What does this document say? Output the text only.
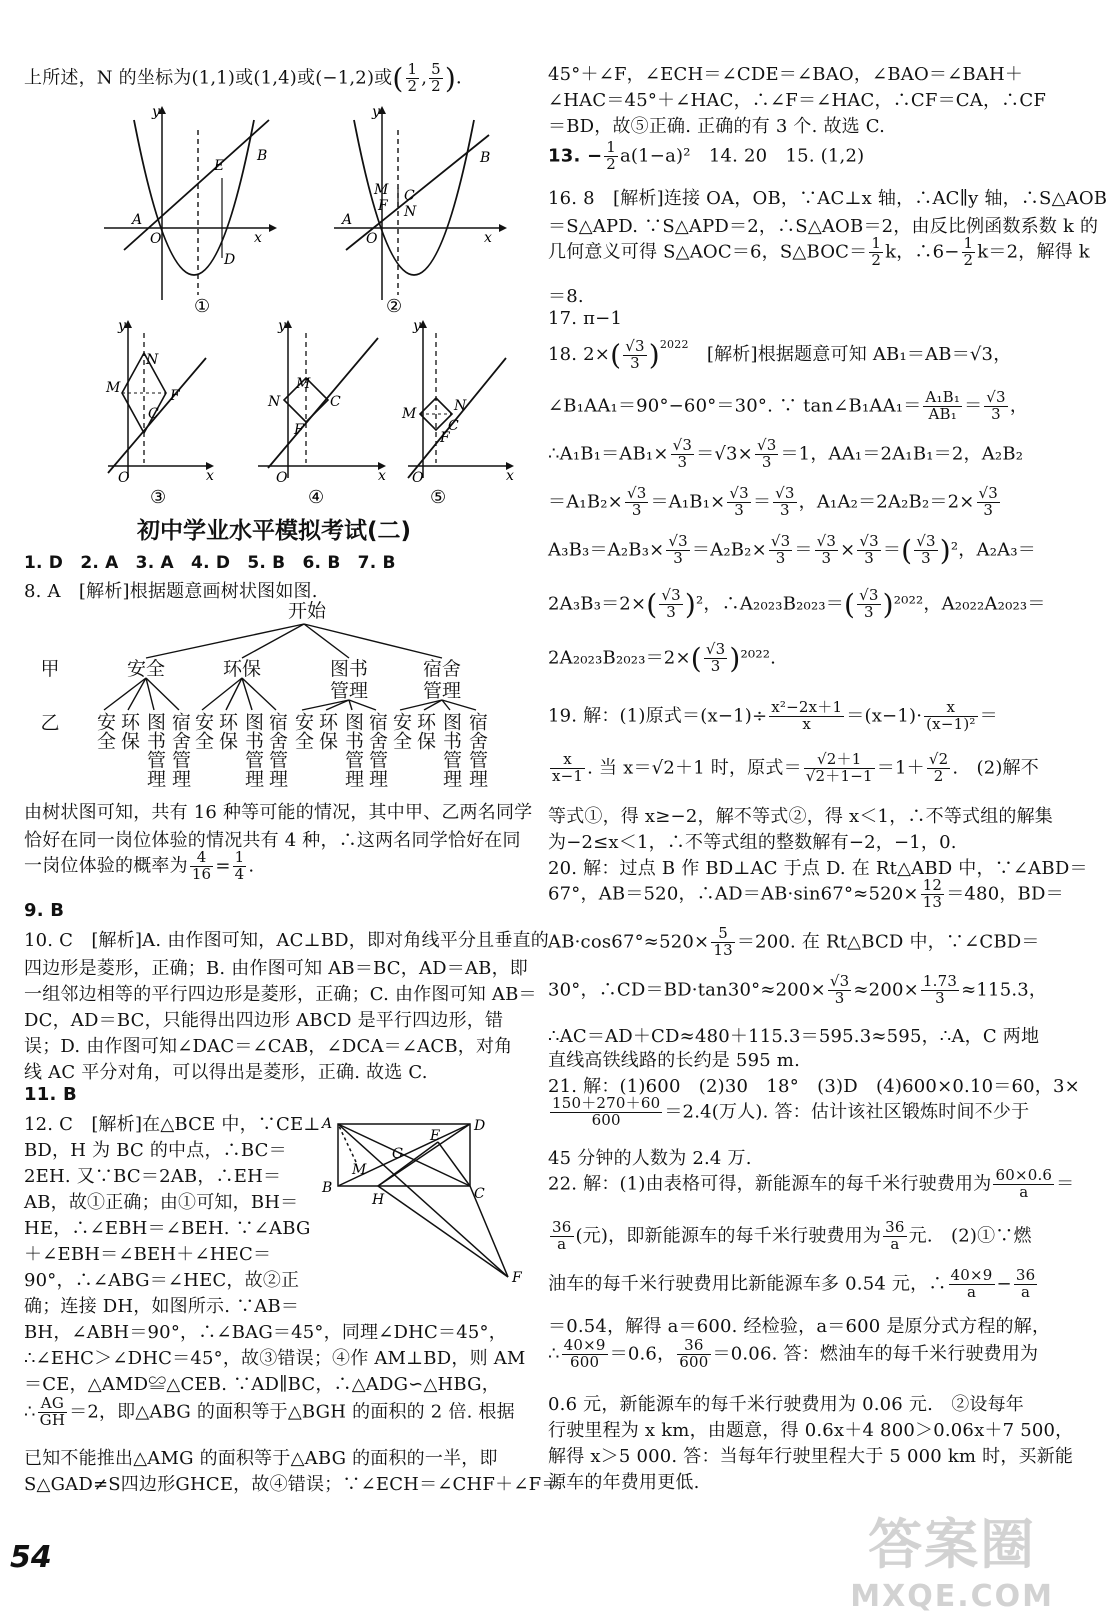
上所述，N 的坐标为(1,1)或(1,4)或(−1,2)或( $\frac{1}{2}$ , $\frac{5}{2}$ )．
y
x
O
A
B
E
D
①
y
x
O
A
B
M C
F N
②
y
x
O
N
M
C
F
y
x
O
M
N	C
F
y
x
O
M	N
F
C
③	④	⑤
初中学业水平模拟考试(二)
1. D　2. A　3. A　4. D　5. B　6. B　7. B
8. A　[解析]根据题意画树状图如图.
开始
甲	安全	环保	图书
管理
宿舍
管理
乙 安全 环保 图书管理 宿舍管理 安全 环保 图书管理 宿舍管理 安全 环保 图书管理 宿舍管理 安全 环保 图书管理 宿舍管理
由树状图可知，共有 16 种等可能的情况，其中甲、乙两名同学
恰好在同一岗位体验的情况共有 4 种，∴这两名同学恰好在同
一岗位体验的概率为 $\frac{4}{16} = \frac{1}{4}$ .
9. B
10. C　[解析]A. 由作图可知，AC⊥BD，即对角线平分且垂直的
四边形是菱形，正确；B. 由作图可知 AB＝BC，AD＝AB，即
一组邻边相等的平行四边形是菱形，正确；C. 由作图可知 AB＝
DC，AD＝BC，只能得出四边形 ABCD 是平行四边形，错
误；D. 由作图可知∠DAC＝∠CAB，∠DCA＝∠ACB，对角
线 AC 平分对角，可以得出是菱形，正确. 故选 C.
11. B
12. C　[解析]在△BCE 中，∵CE⊥
BD，H 为 BC 的中点，∴BC＝
2EH. 又∵BC＝2AB，∴EH＝
AB，故①正确；由①可知，BH＝
HE，∴∠EBH＝∠BEH. ∵∠ABG
＋∠EBH＝∠BEH＋∠HEC＝
90°，∴∠ABG＝∠HEC，故②正
确；连接 DH，如图所示. ∵AB＝
BH，∠ABH＝90°，∴∠BAG＝45°，同理∠DHC＝45°，
∴∠EHC＞∠DHC＝45°，故③错误；④作 AM⊥BD，则 AM
＝CE，△AMD≌△CEB. ∵AD∥BC，∴△ADG∽△HBG，
∴ $\frac{AG}{GH} =2$，即△ABG 的面积等于△BGH 的面积的 2 倍. 根据
已知不能推出△AMG 的面积等于△ABG 的面积的一半，即
S△GAD≠S四边形GHCE，故④错误；∵∠ECH＝∠CHF＋∠F＝
A
B	C
D
E
F
G
H
M
45°＋∠F，∠ECH＝∠CDE＝∠BAO，∠BAO＝∠BAH＋
∠HAC＝45°＋∠HAC，∴∠F＝∠HAC，∴CF＝CA，∴CF
＝BD，故⑤正确. 正确的有 3 个. 故选 C.
13. − $\frac{1}{2} a(1-a)^2$　14. 20　15. (1,2)
16. 8　[解析]连接 OA，OB，∵AC⊥x 轴，∴AC∥y 轴，∴S△AOB
＝S△APD. ∵S△APD＝2，∴S△AOB＝2，由反比例函数系数 k 的
几何意义可得 S△AOC＝6，S△BOC＝ $\frac{1}{2}$ k，∴6− $\frac{1}{2} k=2$，解得 k
＝8.
17. π−1
18. $2\times( \frac{√3}{3} )^{2022}$　[解析]根据题意可知 AB₁＝AB＝√3，
∠B₁AA₁＝90°−60°＝30°. ∵ tan∠B₁AA₁＝ $\frac{\text{A₁B₁}}{\text{AB₁}} = \frac{√3}{3}$ ，
∴A₁B₁＝AB₁× $\frac{√3}{3} =√3\times \frac{√3}{3} =1$，AA₁＝2A₁B₁＝2，A₂B₂
$=A_1B_2\times \frac{√3}{3} =A_1B_1\times \frac{√3}{3} = \frac{√3}{3}$ ，$A_1A_2=2A_2B_2=2\times \frac{√3}{3}$
$A_3B_3=A_2B_3\times \frac{√3}{3} =A_2B_2\times \frac{√3}{3} = \frac{√3}{3} \times \frac{√3}{3}$ ＝( $\frac{√3}{3} )^2$，A₂A₃＝
$2A_3B_3=2\times( \frac{√3}{3} )^2$，∴A₂₀₂₃B₂₀₂₃＝( $\frac{√3}{3} )^{2022}$，A₂₀₂₂A₂₀₂₃＝
$2A_{2023}B_{2023}=2\times( \frac{√3}{3} )^{2022}$.
19. 解：(1)原式$=(x-1)\div \frac{\text{x²−2x＋1}}{x} =(x-1)\cdot \frac{x}{\text{(x−1)²}}$ ＝
$\frac{x}{x-1}$ . 当 x＝√2＋1 时，原式＝ $\frac{√2+1}{√2+1-1} =1+ \frac{√2}{2}$ .　(2)解不
等式①，得 x≥−2，解不等式②，得 x＜1，∴不等式组的解集
为−2≤x＜1，∴不等式组的整数解有−2，−1，0.
20. 解：过点 B 作 BD⊥AC 于点 D. 在 Rt△ABD 中，∵∠ABD＝
67°，AB＝520，∴AD＝AB·sin67°≈520× $\frac{12}{13} =480$，BD＝
$AB\cdot\cos 67^\circ\approx 520\times \frac{5}{13} =200$. 在 Rt△BCD 中，∵∠CBD＝
30°，∴CD＝BD·tan30°≈200× $\frac{√3}{3} \approx 200\times \frac{1.73}{3} \approx 115.3$，
∴AC＝AD＋CD≈480＋115.3＝595.3≈595，∴A，C 两地
直线高铁线路的长约是 595 m.
21. 解：(1)600　(2)30　18°　(3)D　(4)600×0.10＝60，3×
$\frac{150+270+60}{600} =2.4$(万人). 答：估计该社区锻炼时间不少于
45 分钟的人数为 2.4 万.
22. 解：(1)由表格可得，新能源车的每千米行驶费用为 $\frac{60\times 0.6}{a}$ ＝
$\frac{36}{a}$ (元)，即新能源车的每千米行驶费用为 $\frac{36}{a}$ 元.　(2)①∵燃
油车的每千米行驶费用比新能源车多 0.54 元，∴ $\frac{40\times 9}{a} - \frac{36}{a}$
＝0.54，解得 a＝600. 经检验，a＝600 是原分式方程的解，
∴ $\frac{40\times 9}{600} =0.6$， $\frac{36}{600} =0.06$. 答：燃油车的每千米行驶费用为
0.6 元，新能源车的每千米行驶费用为 0.06 元.　②设每年
行驶里程为 x km，由题意，得 0.6x＋4 800＞0.06x＋7 500，
解得 x＞5 000. 答：当每年行驶里程大于 5 000 km 时，买新能
源车的年费用更低.
54	答案圈
MXQE.COM
